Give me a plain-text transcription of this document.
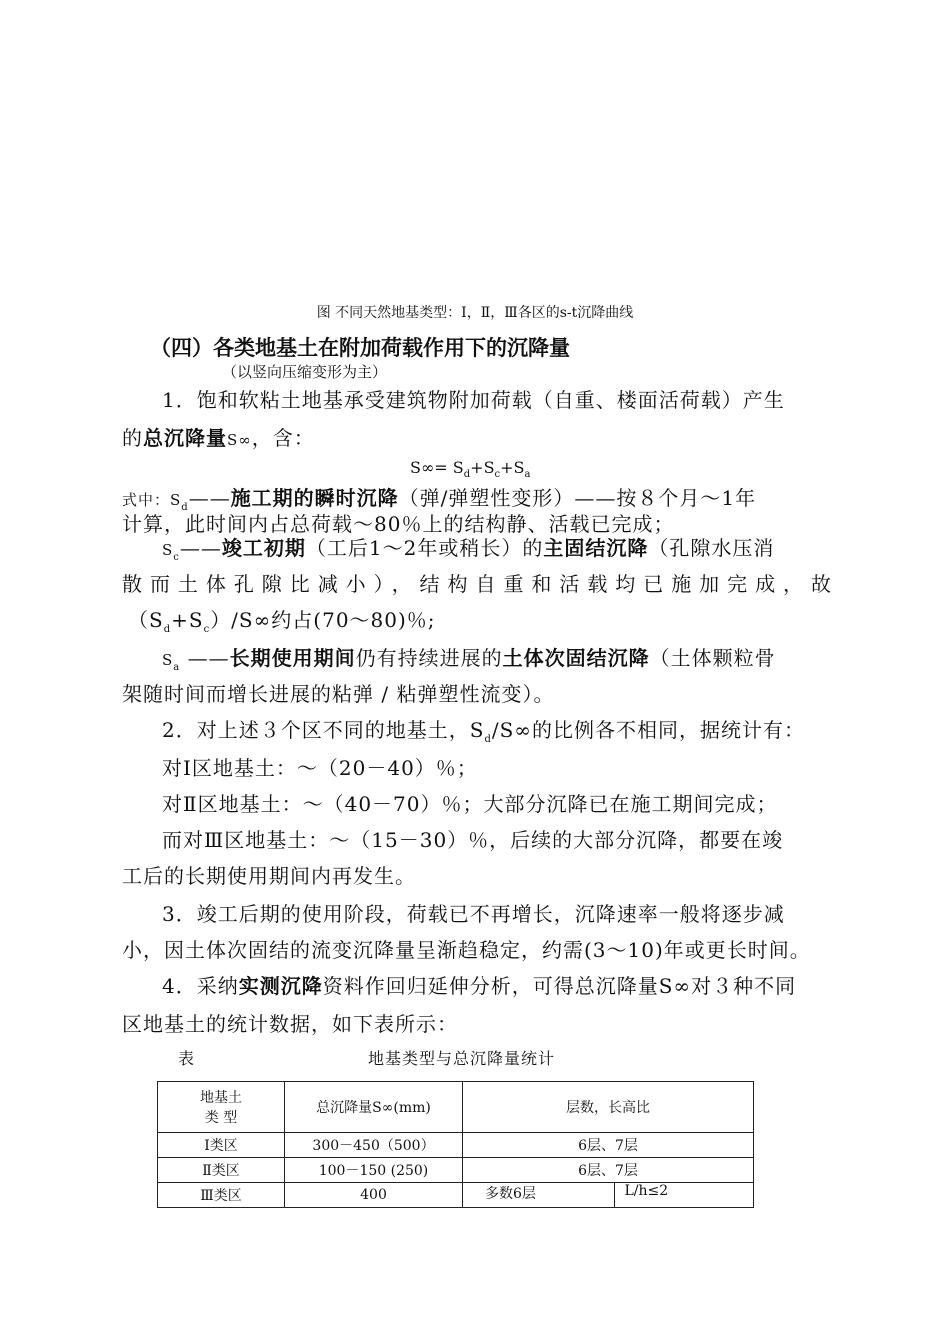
图 不同天然地基类型：Ⅰ，Ⅱ，Ⅲ各区的s-t沉降曲线
（四）各类地基土在附加荷载作用下的沉降量
（以竖向压缩变形为主）
1．饱和软粘土地基承受建筑物附加荷载（自重、楼面活荷载）产生
的总沉降量S∞，含：
$S\infty= S_d+S_c+S_a$
式中：$S_d——$施工期的瞬时沉降（弹/弹塑性变形）——按８个月～1年
计算，此时间内占总荷载～80％上的结构静、活载已完成；
$S_c——$竣工初期（工后1～2年或稍长）的主固结沉降（孔隙水压消
散而土体孔隙比减小），结构自重和活载均已施加完成，故
$(S_d+S_c)/S\infty$约占(70～80)％;
$S_a$ ——长期使用期间仍有持续进展的土体次固结沉降（土体颗粒骨
架随时间而增长进展的粘弹 / 粘弹塑性流变）。
2．对上述３个区不同的地基土，$S_d/S\infty$的比例各不相同，据统计有：
对Ⅰ区地基土：～（20－40）％；
对Ⅱ区地基土：～（40－70）％；大部分沉降已在施工期间完成；
而对Ⅲ区地基土：～（15－30）％，后续的大部分沉降，都要在竣
工后的长期使用期间内再发生。
3．竣工后期的使用阶段，荷载已不再增长，沉降速率一般将逐步减
小，因土体次固结的流变沉降量呈渐趋稳定，约需(3～10)年或更长时间。
4．采纳实测沉降资料作回归延伸分析，可得总沉降量S∞对３种不同
区地基土的统计数据，如下表所示：
表	地基类型与总沉降量统计
地基土
类 型	总沉降量S∞(mm)	层数，长高比
Ⅰ类区	300－450（500）	6层、7层
Ⅱ类区	100－150 (250)	6层、7层
Ⅲ类区	400	多数6层 L/h≤2
